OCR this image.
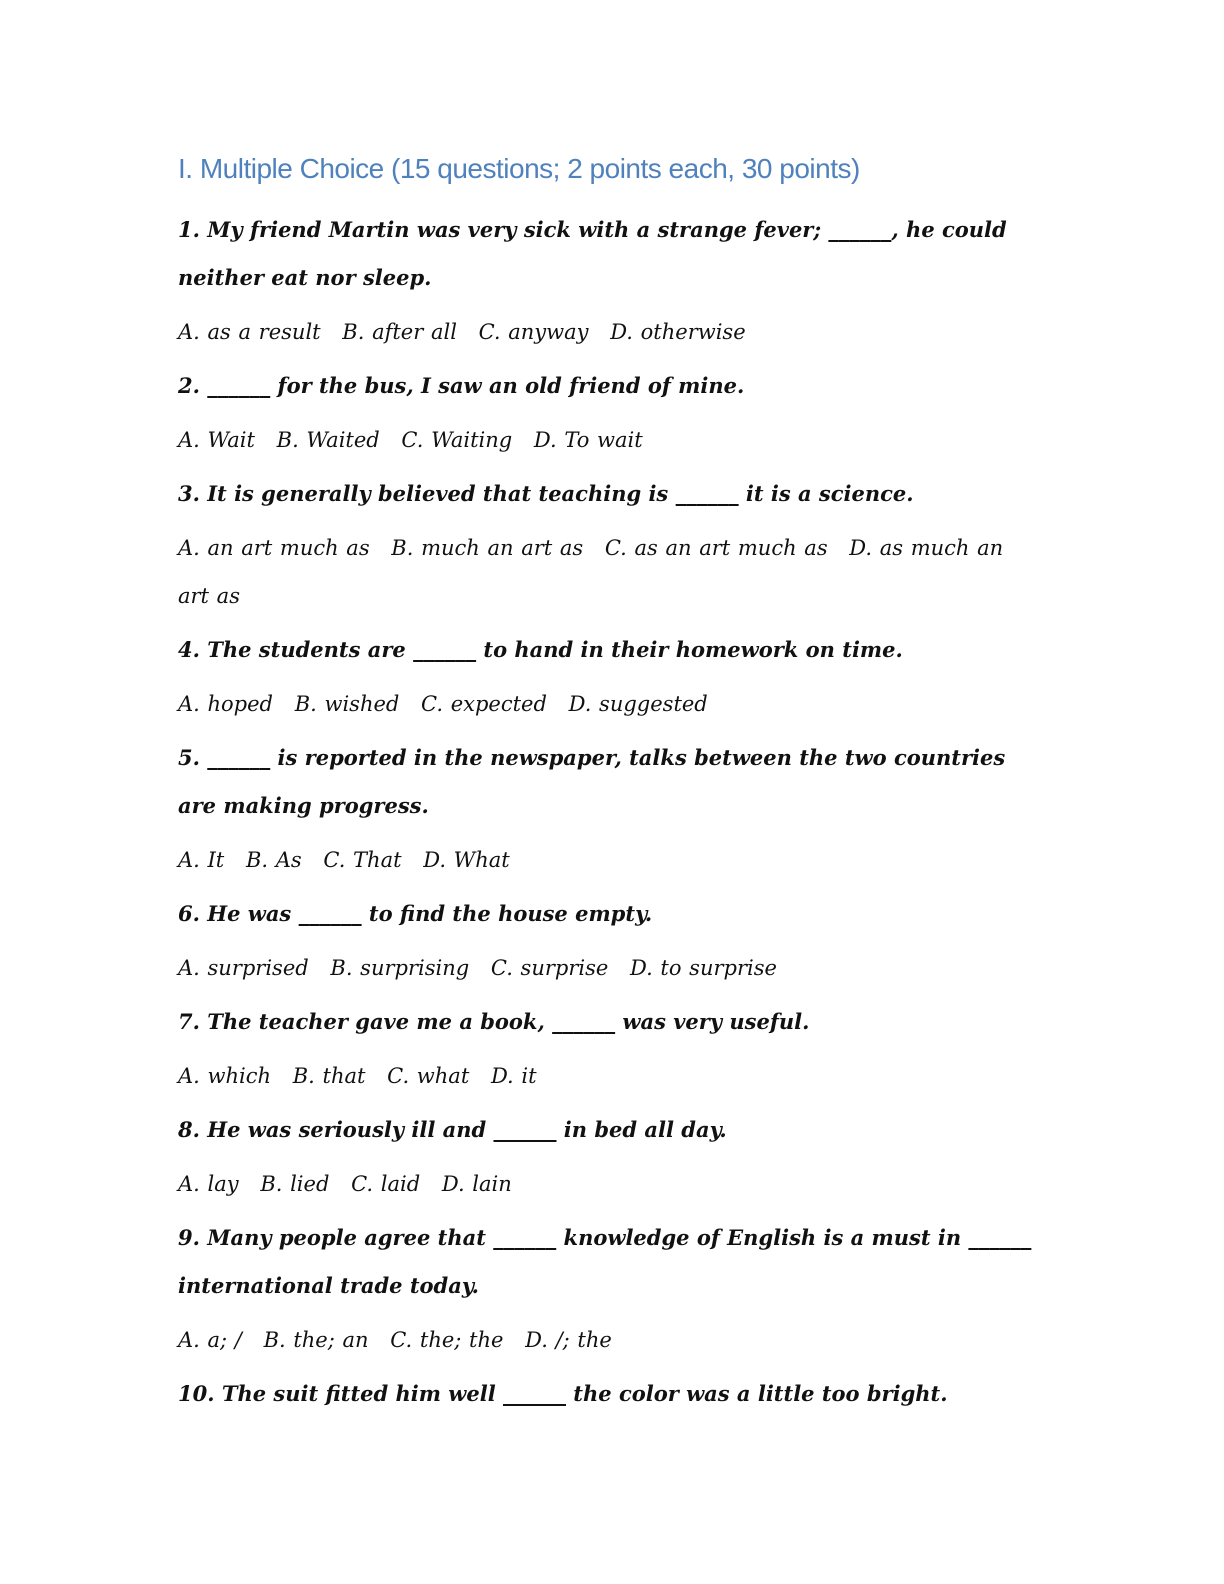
I. Multiple Choice (15 questions; 2 points each, 30 points)

1. My friend Martin was very sick with a strange fever; ______, he could neither eat nor sleep.

A. as a result B. after all C. anyway D. otherwise

2. ______ for the bus, I saw an old friend of mine.

A. Wait B. Waited C. Waiting D. To wait

3. It is generally believed that teaching is ______ it is a science.

A. an art much as B. much an art as C. as an art much as D. as much an art as

4. The students are ______ to hand in their homework on time.

A. hoped B. wished C. expected D. suggested

5. ______ is reported in the newspaper, talks between the two countries are making progress.

A. It B. As C. That D. What

6. He was ______ to find the house empty.

A. surprised B. surprising C. surprise D. to surprise

7. The teacher gave me a book, ______ was very useful.

A. which B. that C. what D. it

8. He was seriously ill and ______ in bed all day.

A. lay B. lied C. laid D. lain

9. Many people agree that ______ knowledge of English is a must in ______ international trade today.

A. a; / B. the; an C. the; the D. /; the

10. The suit fitted him well ______ the color was a little too bright.
